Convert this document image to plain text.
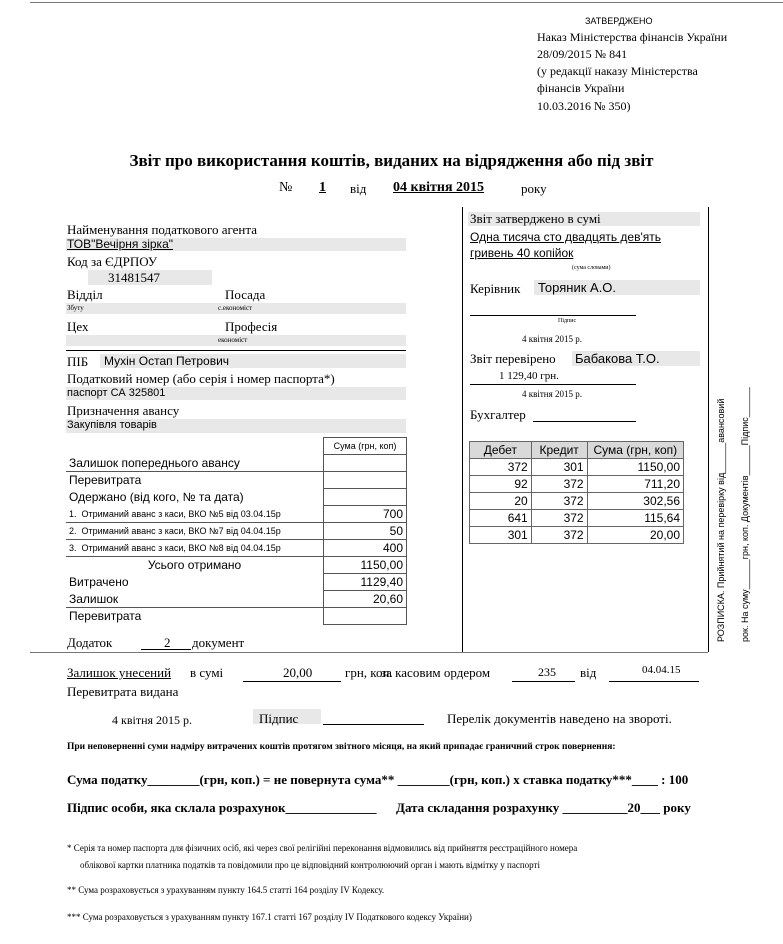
ЗАТВЕРДЖЕНО
Наказ Міністерства фінансів України
28/09/2015 № 841
(у редакції наказу Міністерства
фінансів України
10.03.2016 № 350)
Звіт про використання коштів, виданих на відрядження або під звіт
№ 1 від 04 квітня 2015	року
Найменування податкового агента
ТОВ"Вечірня зірка"
Код за ЄДРПОУ
31481547
Відділ	Посада
Збуту	с.економіст
Цех	Професія
економіст
ПІБ Мухін Остап Петрович
Податковий номер (або серія і номер паспорта*)
паспорт СА 325801
Призначення авансу
Закупівля товарів
	Сума (грн, коп)
Залишок попереднього авансу	
Перевитрата	
Одержано (від кого, № та дата)	
1. Отриманий аванс з каси, ВКО №5 від 03.04.15р	700
2. Отриманий аванс з каси, ВКО №7 від 04.04.15р	50
3. Отриманий аванс з каси, ВКО №8 від 04.04.15р	400
Усього отримано	1150,00
Витрачено	1129,40
Залишок	20,60
Перевитрата	
Додаток	2 документ
Звіт затверджено в сумі
Одна тисяча сто двадцять дев'ять
гривень 40 копійок
(сума словами)
Керівник Торяник А.О.
Підпис
4 квітня 2015 р.
Звіт перевірено Бабакова Т.О.
1 129,40 грн.
4 квітня 2015 р.
Бухгалтер
Дебет	Кредит	Сума (грн, коп)
372	301	1150,00
92	372	711,20
20	372	302,56
641	372	115,64
301	372	20,00	РОЗПИСКА. Прийнятий на перевірку від______авансовий
рок. На суму______грн, коп. Документів______Підпис______
Залишок унесений в сумі	20,00	грн, коп.
за касовим ордером	235 від	04.04.15
Перевитрата видана
4 квітня 2015 р.	Підпис	Перелік документів наведено на звороті.
При неповерненні суми надміру витрачених коштів протягом звітного місяця, на який припадає граничний строк повернення:
Сума податку________(грн, коп.) = не повернута сума** ________(грн, коп.) х ставка податку***____ : 100
Підпис особи, яка склала розрахунок______________ Дата складання розрахунку __________20___ року
* Серія та номер паспорта для фізичних осіб, які через свої релігійні переконання відмовились від прийняття реєстраційного номера
облікової картки платника податків та повідомили про це відповідний контролюючий орган і мають відмітку у паспорті
** Сума розраховується з урахуванням пункту 164.5 статті 164 розділу IV Кодексу.
*** Сума розраховується з урахуванням пункту 167.1 статті 167 розділу IV Податкового кодексу України)
